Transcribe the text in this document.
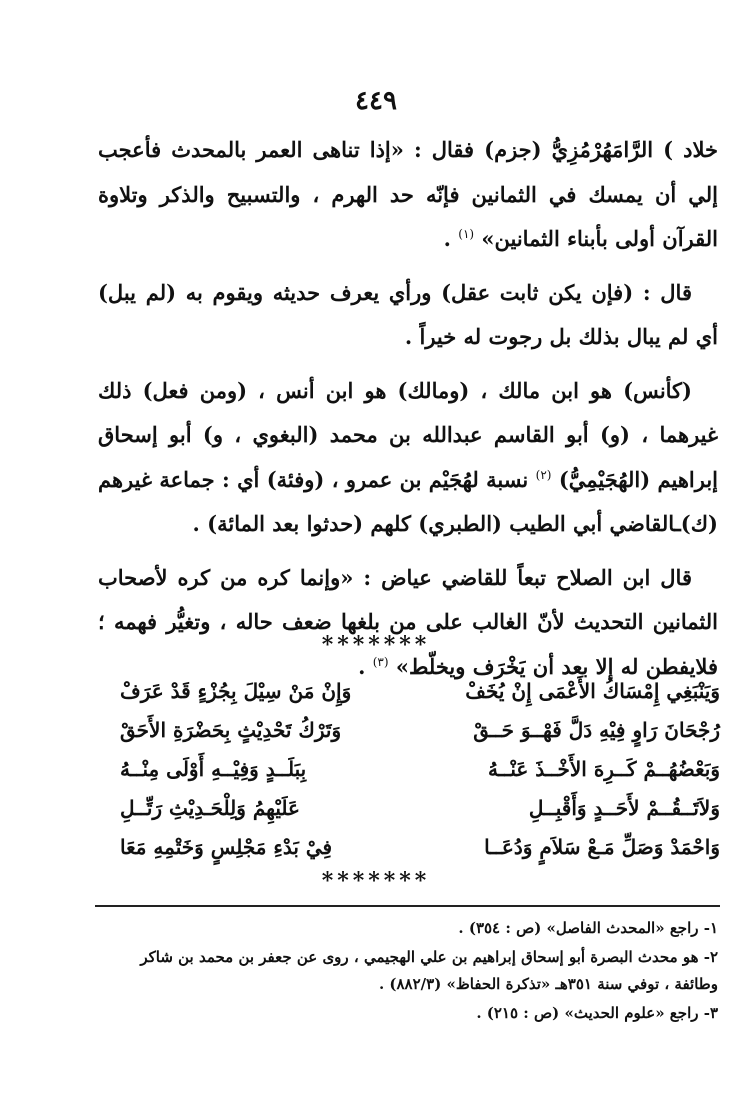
٤٤٩

خلاد ) الرَّامَهُرْمُزِيُّ (جزم) فقال : «إذا تناهى العمر بالمحدث فأعجب إلي أن يمسك في الثمانين فإنّه حد الهرم ، والتسبيح والذكر وتلاوة القرآن أولى بأبناء الثمانين» $^{(١)}$ .

قال : (فإن يكن ثابت عقل) ورأي يعرف حديثه ويقوم به (لم يبل) أي لم يبال بذلك بل رجوت له خيراً .

(كأنس) هو ابن مالك ، (ومالك) هو ابن أنس ، (ومن فعل) ذلك غيرهما ، (و) أبو القاسم عبدالله بن محمد (البغوي ، و) أبو إسحاق إبراهيم (الهُجَيْمِيُّ) $^{(٢)}$ نسبة لهُجَيْم بن عمرو ، (وفئة) أي : جماعة غيرهم (ك)ـالقاضي أبي الطيب (الطبري) كلهم (حدثوا بعد المائة) .

قال ابن الصلاح تبعاً للقاضي عياض : «وإنما كره من كره لأصحاب الثمانين التحديث لأنّ الغالب على من بلغها ضعف حاله ، وتغيُّر فهمه ؛ فلايفطن له إلا بعد أن يَخْرَف ويخلّط» $^{(٣)}$ .

*******
وَيَنْبَغِي إِمْسَاكُ الأَعْمَى إِنْ يُخَفْ
وَإِنْ مَنْ سِيْلَ بِجُزْءٍ قَدْ عَرَفْ
رُجْحَانَ رَاوٍ فِيْهِ دَلَّ فَهْــوَ حَــقْ
وَتَرْكُ تَحْدِيْثٍ بِحَضْرَةِ الأَحَقْ
وَبَعْضُهُــمْ كَــرِهَ الأَخْــذَ عَنْــهُ
بِبَلَــدٍ وَفِيْــهِ أَوْلَى مِنْــهُ
وَلاَتَــقُــمْ لأَحَــدٍ وَأَقْبِــلِ
عَلَيْهِمُ وَلِلْحَـدِيْثِ رَتِّــلِ
وَاحْمَدْ وَصَلِّ مَـعْ سَلاَمٍ وَدُعَــا
فِيْ بَدْءِ مَجْلِسٍ وَخَتْمِهِ مَعَا
*******

١- راجع «المحدث الفاصل» (ص : ٣٥٤) .

٢- هو محدث البصرة أبو إسحاق إبراهيم بن علي الهجيمي ، روى عن جعفر بن محمد بن شاكر وطائفة ، توفي سنة ٣٥١هـ «تذكرة الحفاظ» (٨٨٢/٣) .

٣- راجع «علوم الحديث» (ص : ٢١٥) .
